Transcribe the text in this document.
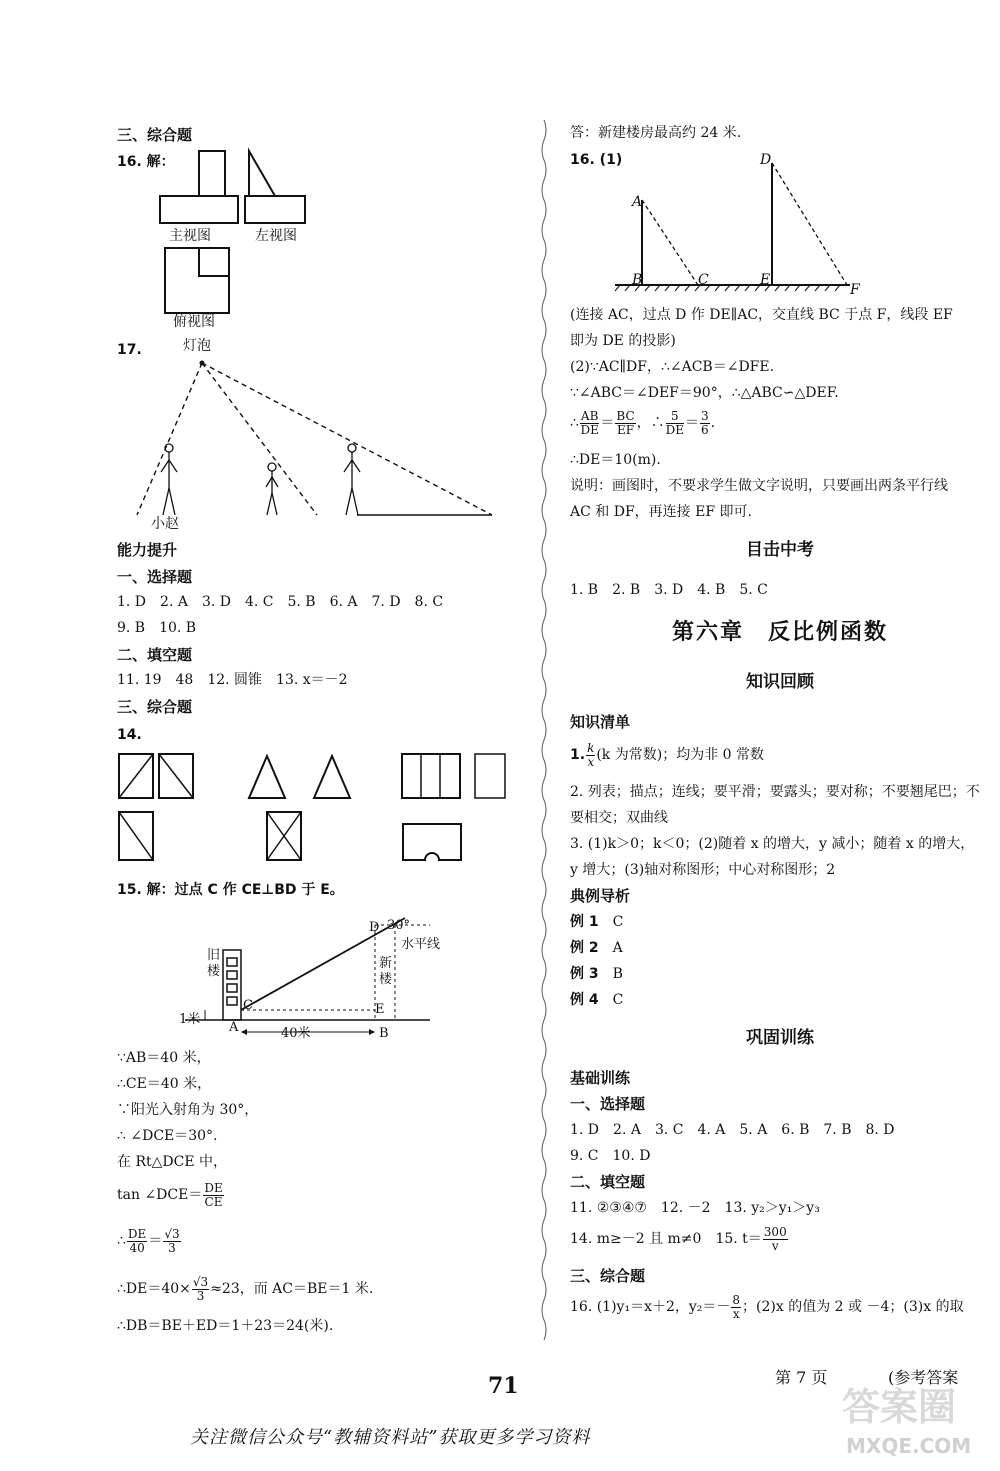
三、综合题
16. 解：
主视图	左视图
俯视图
17.	灯泡
小赵
能力提升
一、选择题
1. D　2. A　3. D　4. C　5. B　6. A　7. D　8. C
9. B　10. B
二、填空题
11. 19　48　12. 圆锥　13. x＝－2
三、综合题
14.
15. 解：过点 C 作 CE⊥BD 于 E。
D 30°
水平线
旧楼
新楼
C
1米
A
E
40米	B
∵AB＝40 米，
∴CE＝40 米，
∵阳光入射角为 30°，
∴ ∠DCE＝30°.
在 Rt△DCE 中，
tan ∠DCE＝ $\frac{DE}{CE}$
∴ $\frac{DE}{40} = \frac{√3}{3}$
∴DE＝40× $\frac{√3}{3} \approx 23$，而 AC＝BE＝1 米.
∴DB＝BE＋ED＝1＋23＝24(米).
答：新建楼房最高约 24 米.
16. (1)
A
B	C
D
E
F
(连接 AC，过点 D 作 DE∥AC，交直线 BC 于点 F，线段 EF
即为 DE 的投影)
(2)∵AC∥DF，∴∠ACB＝∠DFE.
∵∠ABC＝∠DEF＝90°，∴△ABC∽△DEF.
∴ $\frac{AB}{DE} = \frac{BC}{EF}$ ，∴ $\frac{5}{DE} = \frac{3}{6}$ .
∴DE＝10(m).
说明：画图时，不要求学生做文字说明，只要画出两条平行线
AC 和 DF，再连接 EF 即可.
目击中考
1. B　2. B　3. D　4. B　5. C
第六章　反比例函数
知识回顾
知识清单
1. $\frac{k}{x} (k$ 为常数)；均为非 0 常数
2. 列表；描点；连线；要平滑；要露头；要对称；不要翘尾巴；不
要相交；双曲线
3. (1)k＞0；k＜0；(2)随着 x 的增大，y 减小；随着 x 的增大，
y 增大；(3)轴对称图形；中心对称图形；2
典例导析
例 1　 C
例 2　 A
例 3　 B
例 4　 C
巩固训练
基础训练
一、选择题
1. D　2. A　3. C　4. A　5. A　6. B　7. B　8. D
9. C　10. D
二、填空题
11. ②③④⑦　12. －2　13. y₂＞y₁＞y₃
14. m≥－2 且 m≠0　15. $t= \frac{300}{v}$
三、综合题
16. (1)y₁＝x＋2，$y_2=- \frac{8}{x}$ ；(2)x 的值为 2 或 －4；(3)x 的取
71	第 7 页	(参考答案
关注微信公众号“教辅资料站”获取更多学习资料
答案圈
MXQE.COM
